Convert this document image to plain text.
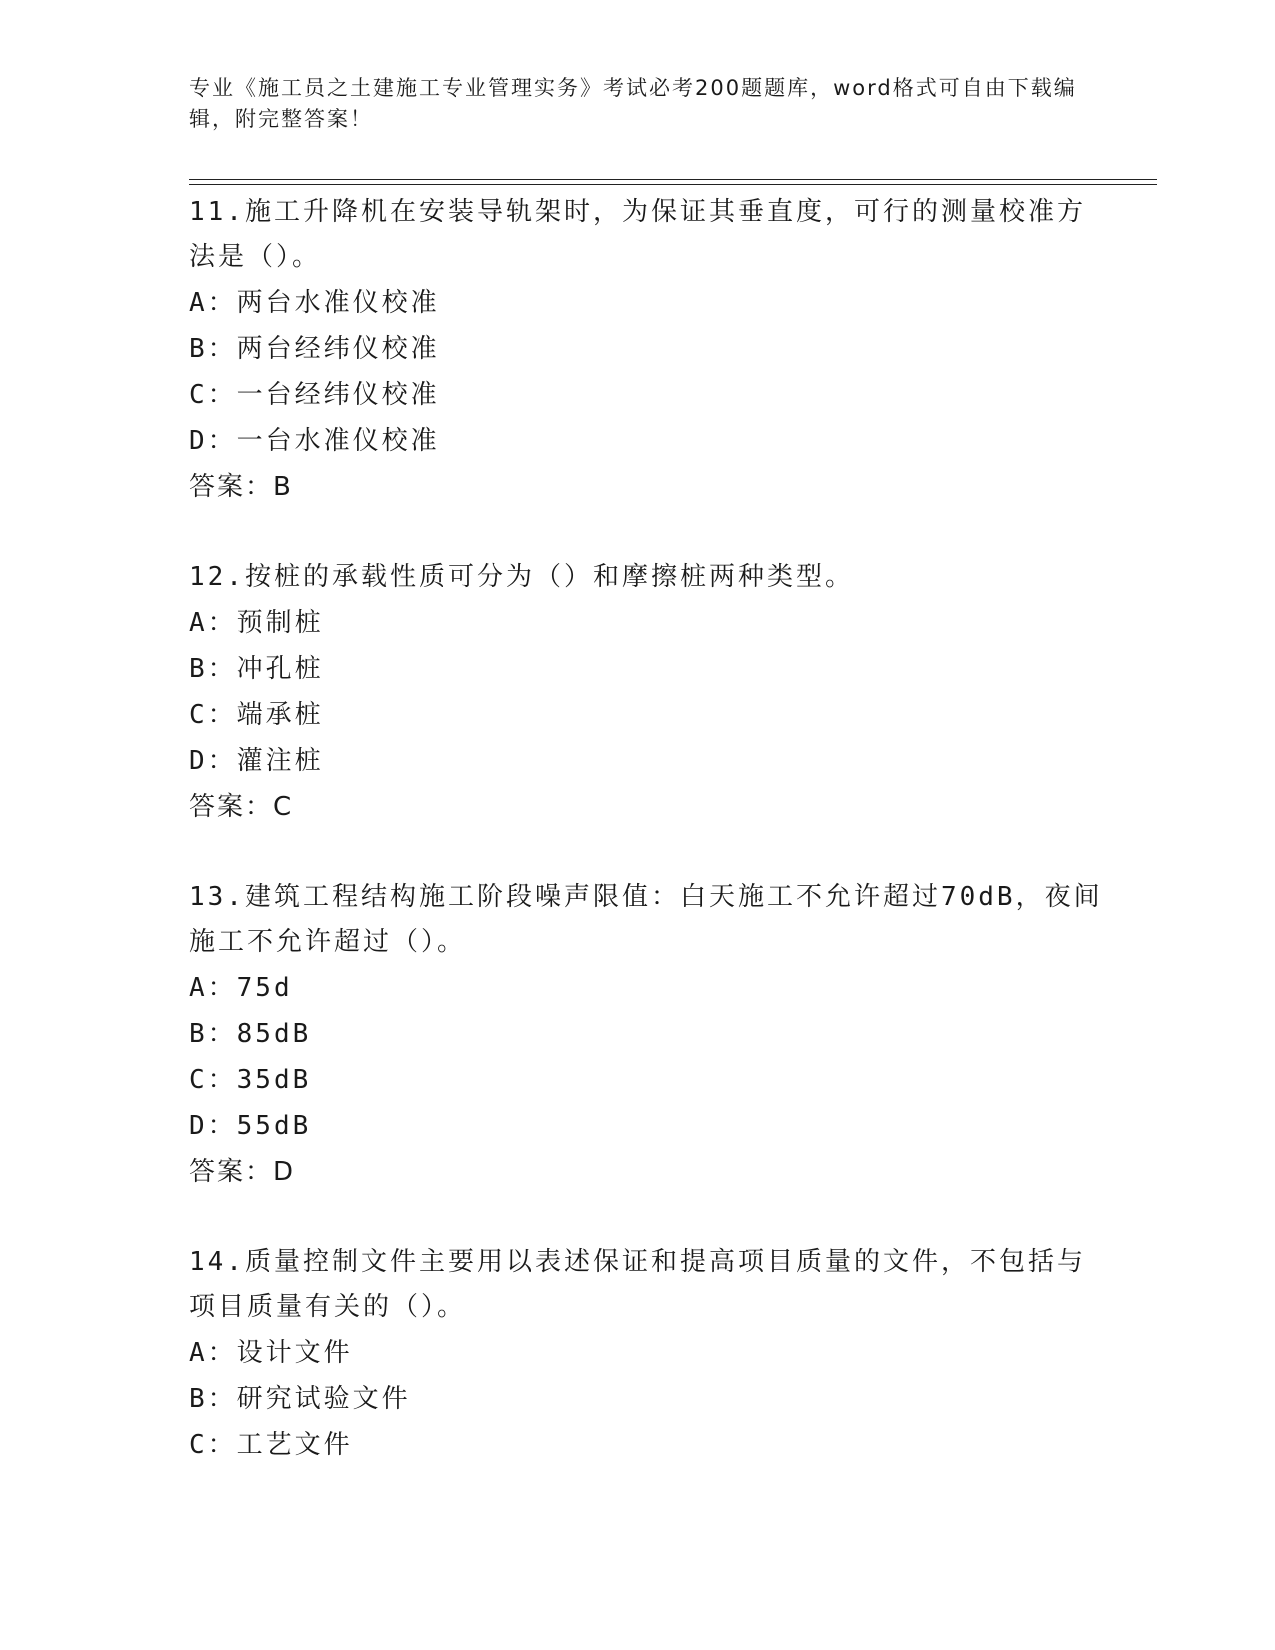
专业《施工员之土建施工专业管理实务》考试必考200题题库，word格式可自由下载编辑，附完整答案！

11.施工升降机在安装导轨架时，为保证其垂直度，可行的测量校准方法是（）。

A：两台水准仪校准

B：两台经纬仪校准

C：一台经纬仪校准

D：一台水准仪校准

答案：B

12.按桩的承载性质可分为（）和摩擦桩两种类型。

A：预制桩

B：冲孔桩

C：端承桩

D：灌注桩

答案：C

13.建筑工程结构施工阶段噪声限值：白天施工不允许超过70dB，夜间施工不允许超过（）。

A：75d

B：85dB

C：35dB

D：55dB

答案：D

14.质量控制文件主要用以表述保证和提高项目质量的文件，不包括与项目质量有关的（）。

A：设计文件

B：研究试验文件

C：工艺文件
